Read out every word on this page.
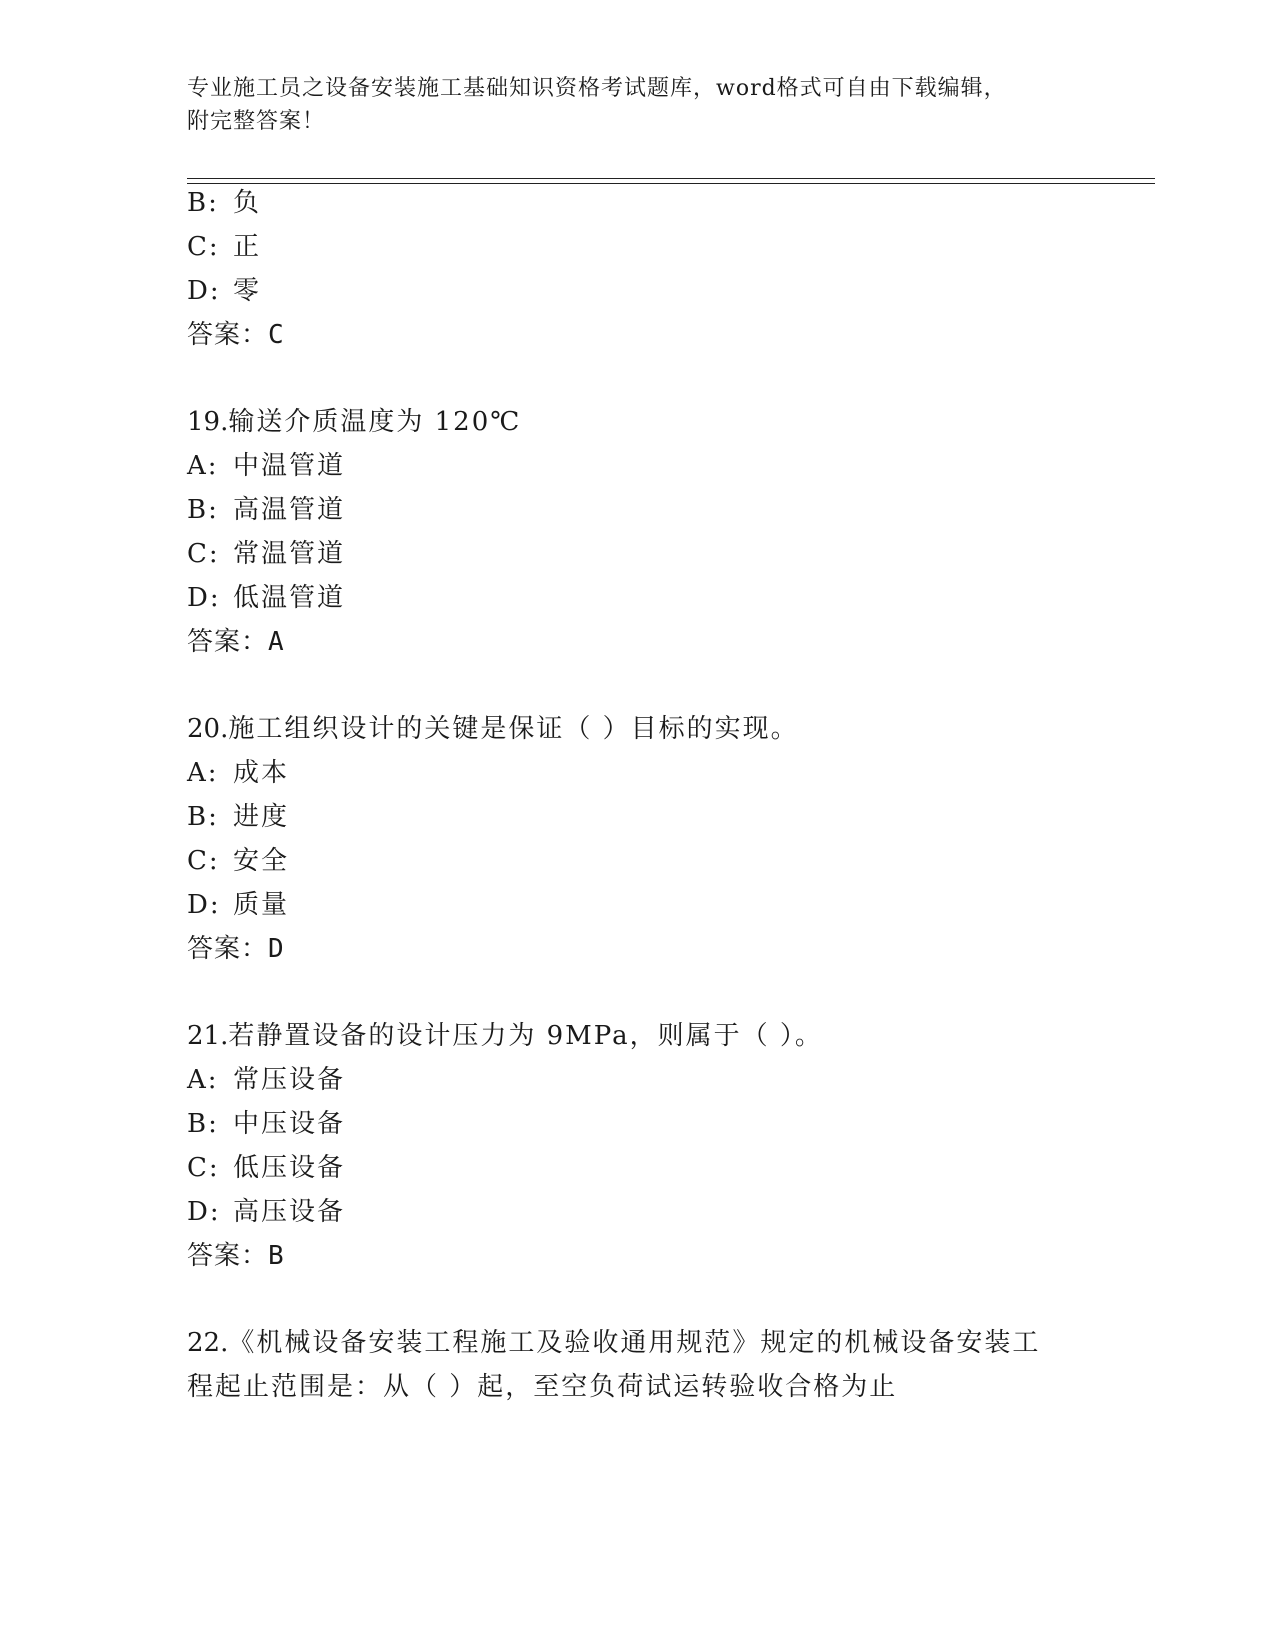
专业施工员之设备安装施工基础知识资格考试题库，word格式可自由下载编辑，
附完整答案！
B: 负
C: 正
D: 零
答案：C
19.输送介质温度为 120℃
A: 中温管道
B: 高温管道
C: 常温管道
D: 低温管道
答案：A
20.施工组织设计的关键是保证（ ）目标的实现。
A: 成本
B: 进度
C: 安全
D: 质量
答案：D
21.若静置设备的设计压力为 9MPa，则属于（ ）。
A: 常压设备
B: 中压设备
C: 低压设备
D: 高压设备
答案：B
22.《机械设备安装工程施工及验收通用规范》规定的机械设备安装工
程起止范围是：从（ ）起，至空负荷试运转验收合格为止
